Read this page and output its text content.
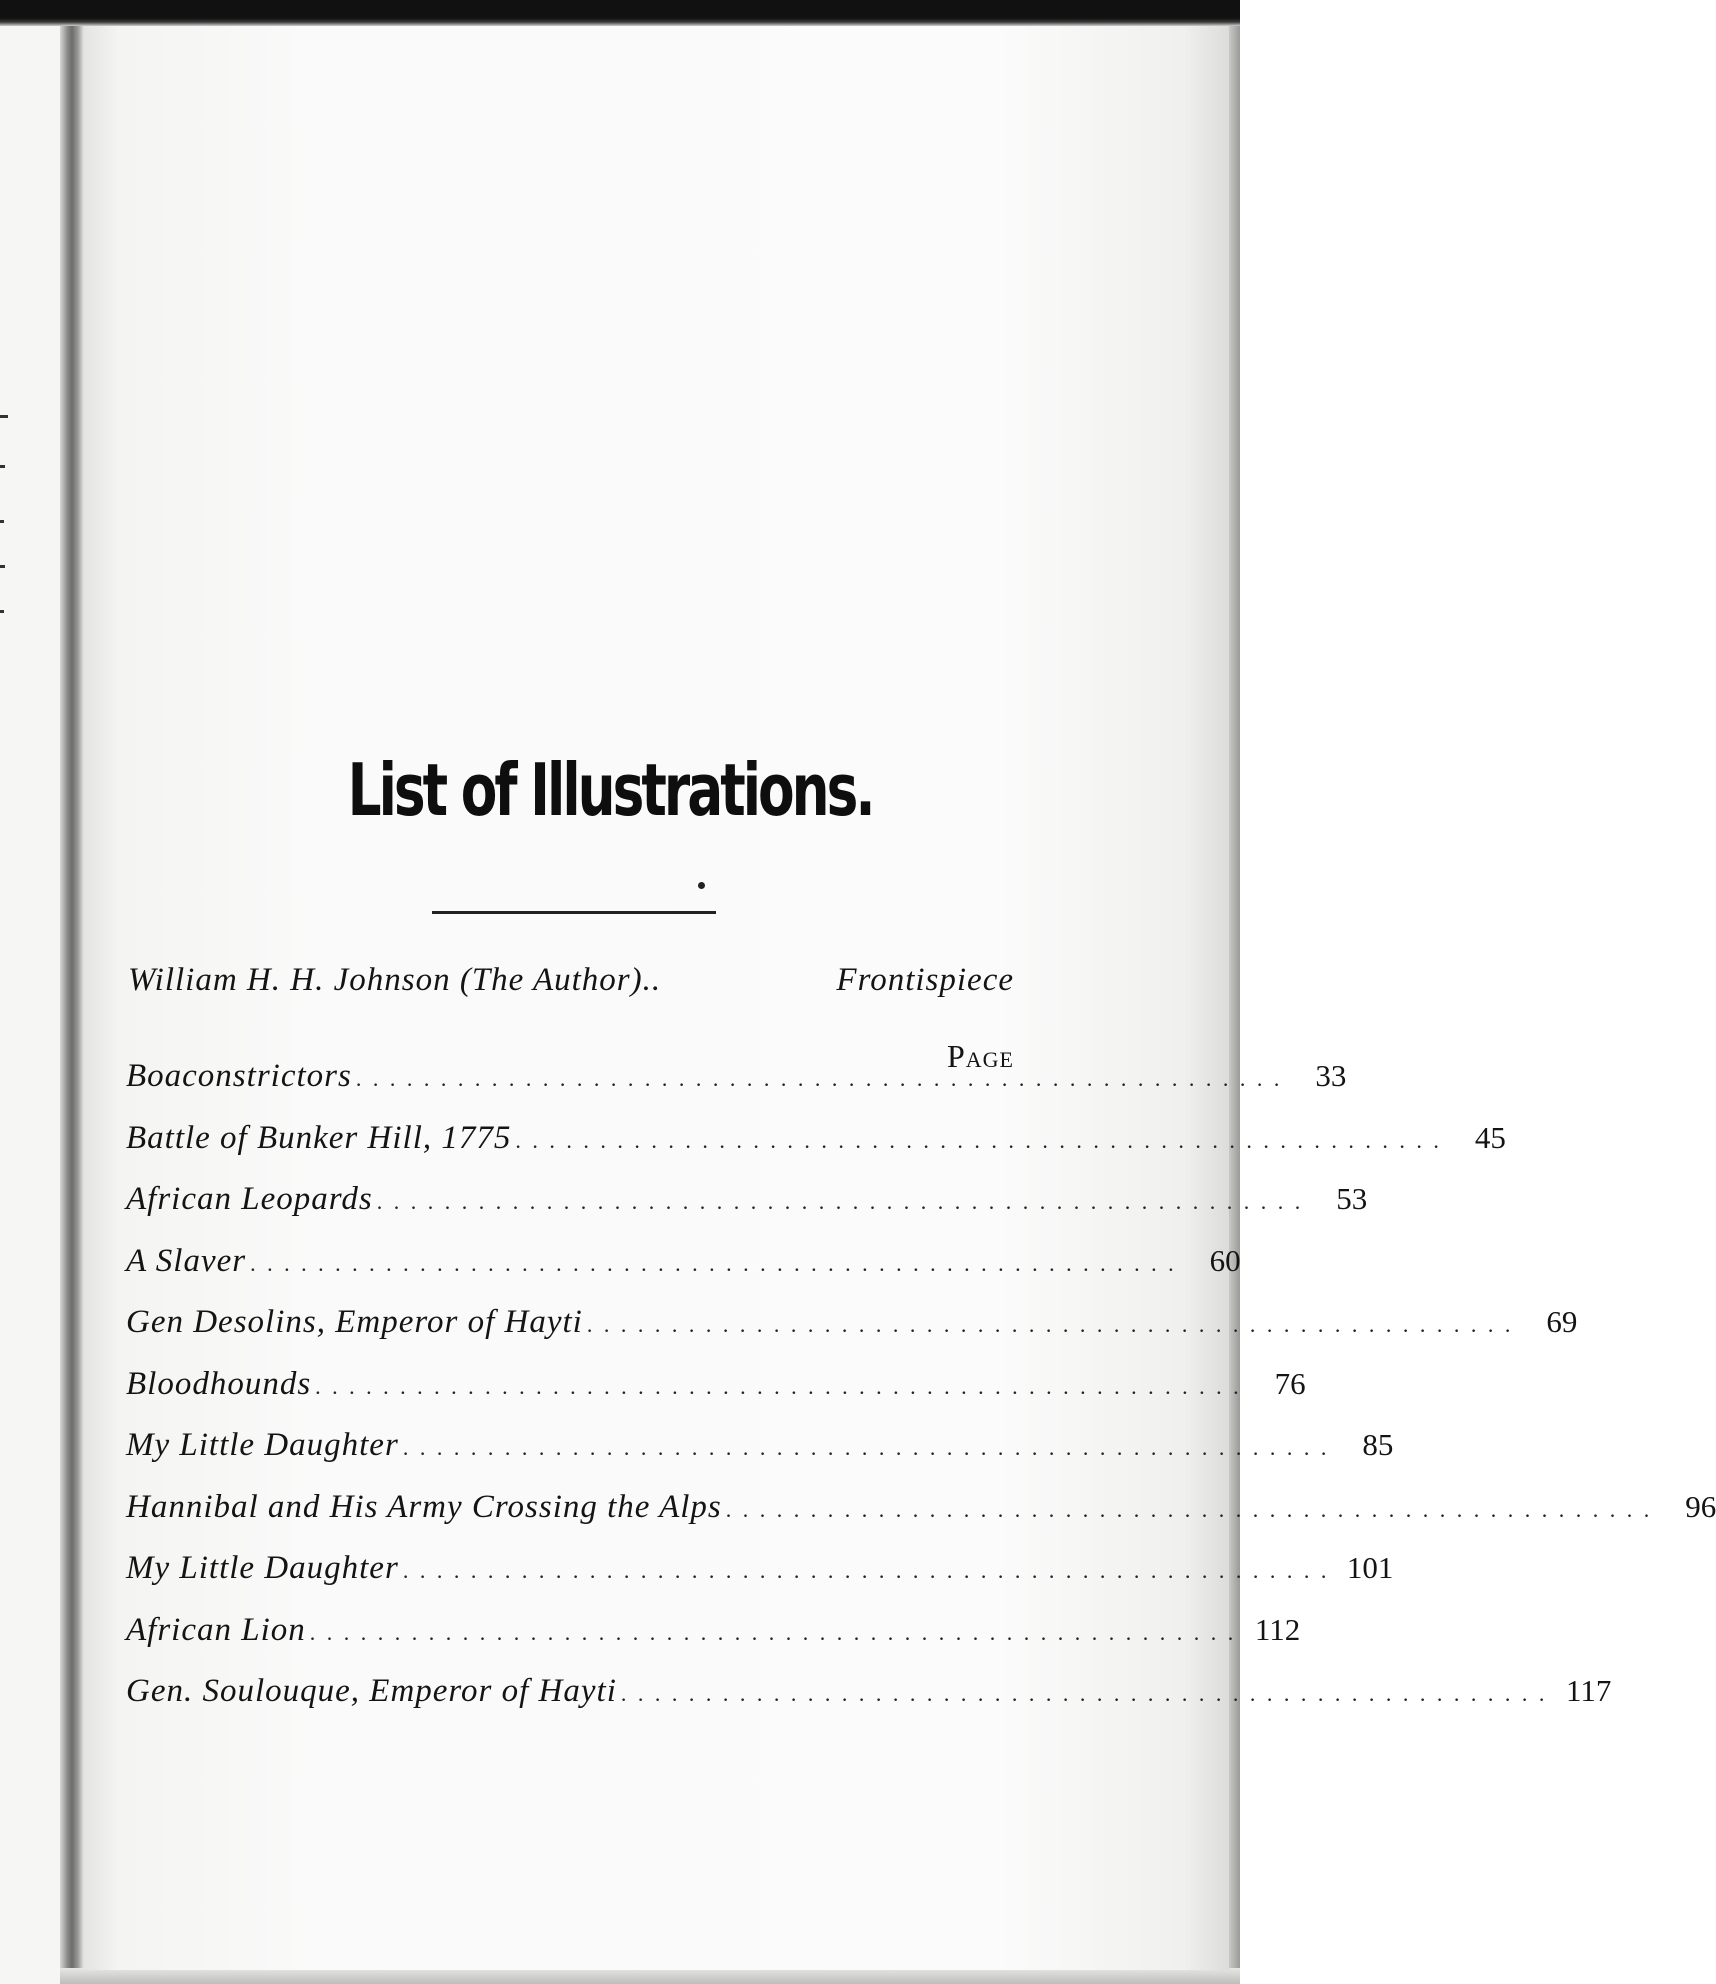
List of Illustrations.
William H. H. Johnson (The Author)..	Frontispiece
Page
Boaconstrictors . . . . . . . . . . . . . . . . . . . . . . . . . . . . . . . . . . . . . . . . . . . . . . . . . . . . . . .	33
Battle of Bunker Hill, 1775 . . . . . . . . . . . . . . . . . . . . . . . . . . . . . . . . . . . . . . . . . . . . . . . . . . . . . . .	45
African Leopards . . . . . . . . . . . . . . . . . . . . . . . . . . . . . . . . . . . . . . . . . . . . . . . . . . . . . . .	53
A Slaver . . . . . . . . . . . . . . . . . . . . . . . . . . . . . . . . . . . . . . . . . . . . . . . . . . . . . . .	60
Gen Desolins, Emperor of Hayti . . . . . . . . . . . . . . . . . . . . . . . . . . . . . . . . . . . . . . . . . . . . . . . . . . . . . . .	69
Bloodhounds . . . . . . . . . . . . . . . . . . . . . . . . . . . . . . . . . . . . . . . . . . . . . . . . . . . . . . .	76
My Little Daughter . . . . . . . . . . . . . . . . . . . . . . . . . . . . . . . . . . . . . . . . . . . . . . . . . . . . . . .	85
Hannibal and His Army Crossing the Alps . . . . . . . . . . . . . . . . . . . . . . . . . . . . . . . . . . . . . . . . . . . . . . . . . . . . . . .	96
My Little Daughter . . . . . . . . . . . . . . . . . . . . . . . . . . . . . . . . . . . . . . . . . . . . . . . . . . . . . . . 101
African Lion . . . . . . . . . . . . . . . . . . . . . . . . . . . . . . . . . . . . . . . . . . . . . . . . . . . . . . . 112
Gen. Soulouque, Emperor of Hayti . . . . . . . . . . . . . . . . . . . . . . . . . . . . . . . . . . . . . . . . . . . . . . . . . . . . . . . 117
